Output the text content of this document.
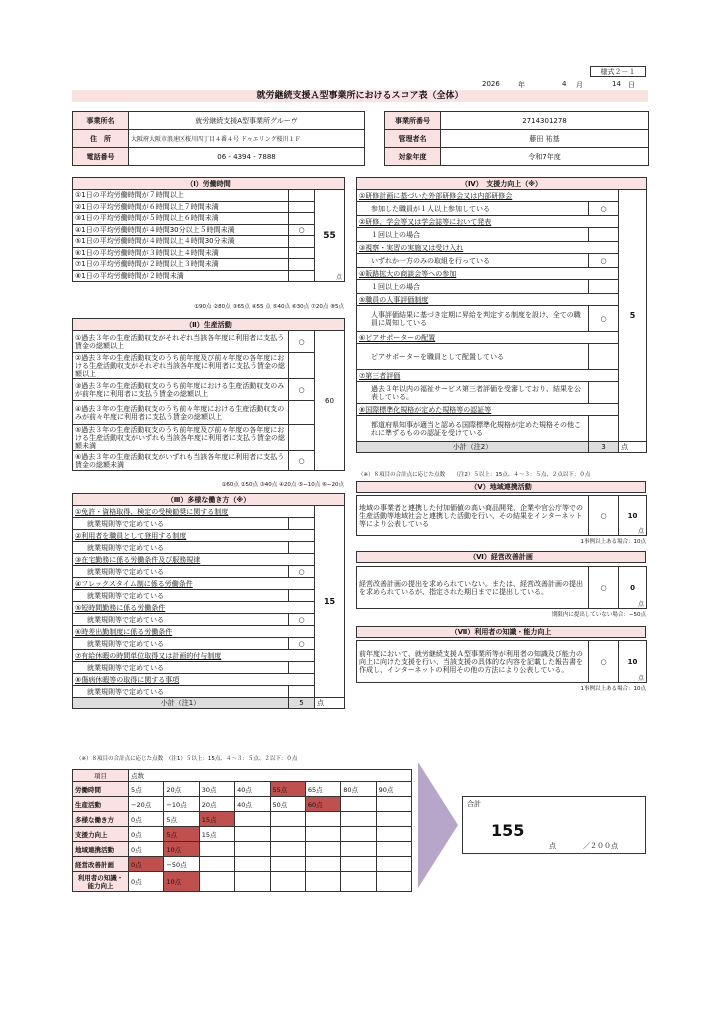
様式２－１
2026	年	4 月	14 日
就労継続支援Ａ型事業所におけるスコア表（全体）
事業所名	就労継続支援A型事業所グルーヴ		事業所番号	2714301278
住　所	大阪府大阪市浪速区桜川四丁目４番４号 ドゥエリング桜川１Ｆ		管理者名	藤田 祐基
電話番号	06 - 4394 - 7888		対象年度	令和7年度
（Ⅰ）労働時間		
①1日の平均労働時間が７時間以上		55
点

②1日の平均労働時間が６時間以上７時間未満		
③1日の平均労働時間が５時間以上６時間未満		
④1日の平均労働時間が４時間30分以上５時間未満	○	
⑤1日の平均労働時間が４時間以上４時間30分未満		
⑥1日の平均労働時間が３時間以上４時間未満		
⑦1日の平均労働時間が２時間以上３時間未満		
⑧1日の平均労働時間が２時間未満		
①90点 ②80点 ③65点 ④55 点 ⑤40点 ⑥30点 ⑦20点 ⑧5点
（Ⅱ）生産活動		
①過去３年の生産活動収支がそれぞれ当該各年度に利用者に支払う賃金の総額以上	○	60
②過去３年の生産活動収支のうち前年度及び前々年度の各年度における生産活動収支がそれぞれ当該各年度に利用者に支払う賃金の総額以上		
③過去３年の生産活動収支のうち前年度における生産活動収支のみが前年度に利用者に支払う賃金の総額以上	○	
④過去３年の生産活動収支のうち前々年度における生産活動収支のみが前々年度に利用者に支払う賃金の総額以上		
⑤過去３年の生産活動収支のうち前年度及び前々年度の各年度における生産活動収支がいずれも当該各年度に利用者に支払う賃金の総額未満		
⑥過去３年の生産活動収支がいずれも当該各年度に利用者に支払う賃金の総額未満	○	
①60点 ②50点 ③40点 ④20点 ⑤−10点 ⑥−20点
（Ⅲ）多様な働き方（※）			
①免許・資格取得、検定の受検勧奨に関する制度		15	
就業規則等で定めている			
②利用者を職員として登用する制度			
就業規則等で定めている			
③在宅勤務に係る労働条件及び服務規律			
就業規則等で定めている	○		
④フレックスタイム制に係る労働条件			
就業規則等で定めている			
⑤短時間勤務に係る労働条件			
就業規則等で定めている	○		
⑥時差出勤制度に係る労働条件			
就業規則等で定めている	○		
⑦有給休暇の時間単位取得又は計画的付与制度			
就業規則等で定めている			
⑧傷病休暇等の取得に関する事項			
就業規則等で定めている			
小計（注1）	5	点	
（※）８項目の合計点に応じた点数　（注1）５以上：15点、４〜３：５点、２以下：０点
（Ⅳ）　支援力向上（※）		
①研修計画に基づいた外部研修会又は内部研修会		5
参加した職員が１人以上参加している	○	
②研修、学会等又は学会誌等において発表		
１回以上の場合		
③視察・実習の実施又は受け入れ		
いずれか一方のみの取組を行っている	○	
④販路拡大の商談会等への参加		
１回以上の場合		
⑤職員の人事評価制度		
人事評価結果に基づき定期に昇給を判定する制度を設け、全ての職員に周知している	○	
⑥ピアサポーターの配置		
ピアサポーターを職員として配置している		
⑦第三者評価		
過去３年以内の福祉サービス第三者評価を受審しており、結果を公表している。		
⑧国際標準化規格が定めた規格等の認証等		
都道府県知事が適当と認める国際標準化規格が定めた規格その他これに準ずるものの認証を受けている		
小計（注2）	3	点
（※）８項目の合計点に応じた点数　　（注2）５以上：15点、４〜３：５点、２点以下：０点
（Ⅴ）地域連携活動
地域の事業者と連携した付加価値の高い商品開発、企業や官公庁等での生産活動等地域社会と連携した活動を行い、その結果をインターネット等により公表している	○	10
点
1事例以上ある場合：10点
（Ⅵ）経営改善計画
経営改善計画の提出を求められていない。または、経営改善計画の提出を求められているが、指定された期日までに提出している。	○	0
点
期限内に提出していない場合：−50点
（Ⅶ）利用者の知識・能力向上
前年度において、就労継続支援Ａ型事業所等が利用者の知識及び能力の向上に向けた支援を行い、当該支援の具体的な内容を記載した報告書を作成し、インターネットの利用その他の方法により公表している。	○	10
点
1事例以上ある場合：10点
項目	点数							
労働時間	5点	20点	30点	40点	55点	65点	80点	90点
生産活動	−20点	−10点	20点	40点	50点	60点		
多様な働き方	0点	5点	15点					
支援力向上	0点	5点	15点					
地域連携活動	0点	10点						
経営改善計画	0点	−50点						
利用者の知識・能力向上	0点	10点						
合計
155
点	／２００点
